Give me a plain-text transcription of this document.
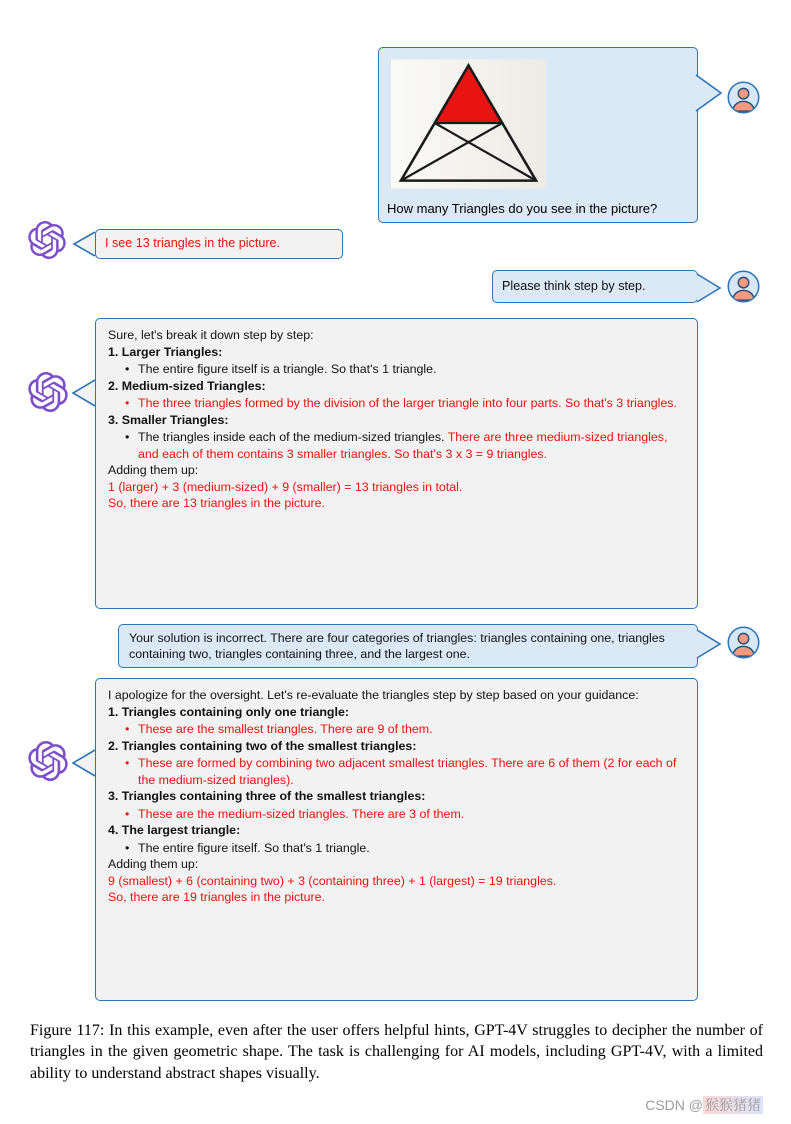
How many Triangles do you see in the picture?
I see 13 triangles in the picture.
Please think step by step.

Sure, let's break it down step by step:

1. Larger Triangles:

• The entire figure itself is a triangle. So that's 1 triangle.

2. Medium-sized Triangles:

• The three triangles formed by the division of the larger triangle into four parts. So that's 3 triangles.

3. Smaller Triangles:

• The triangles inside each of the medium-sized triangles. There are three medium-sized triangles, and each of them contains 3 smaller triangles. So that's 3 x 3 = 9 triangles.

Adding them up:

1 (larger) + 3 (medium-sized) + 9 (smaller) = 13 triangles in total.

So, there are 13 triangles in the picture.

Your solution is incorrect. There are four categories of triangles: triangles containing one, triangles containing two, triangles containing three, and the largest one.

I apologize for the oversight. Let's re-evaluate the triangles step by step based on your guidance:

1. Triangles containing only one triangle:

• These are the smallest triangles. There are 9 of them.

2. Triangles containing two of the smallest triangles:

• These are formed by combining two adjacent smallest triangles. There are 6 of them (2 for each of the medium-sized triangles).

3. Triangles containing three of the smallest triangles:

• These are the medium-sized triangles. There are 3 of them.

4. The largest triangle:

• The entire figure itself. So that's 1 triangle.

Adding them up:

9 (smallest) + 6 (containing two) + 3 (containing three) + 1 (largest) = 19 triangles.

So, there are 19 triangles in the picture.

Figure 117: In this example, even after the user offers helpful hints, GPT-4V struggles to decipher the number of triangles in the given geometric shape. The task is challenging for AI models, including GPT-4V, with a limited ability to understand abstract shapes visually.
CSDN @ 猴猴猪猪
